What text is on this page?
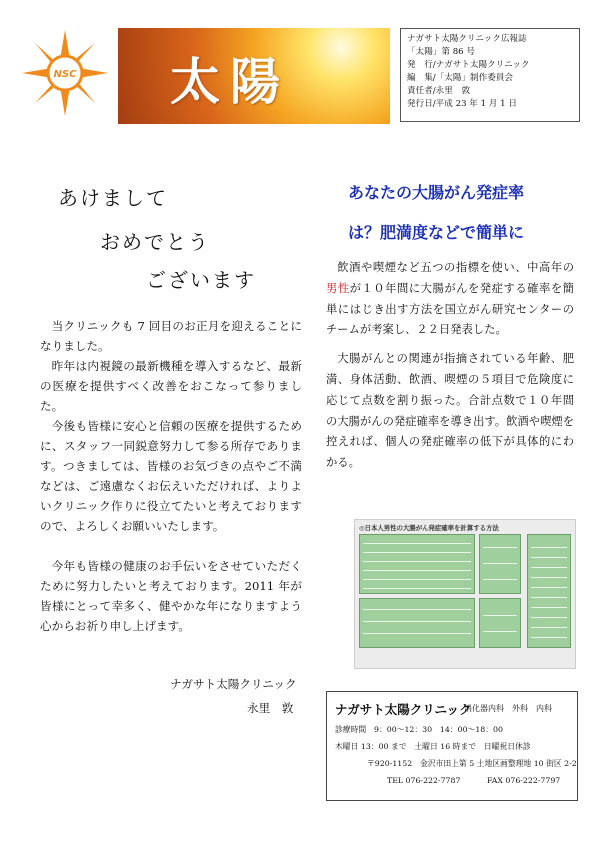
NSC 太陽
ナガサト太陽クリニック広報誌
「太陽」第 86 号
発　行/ナガサト太陽クリニック
編　集/「太陽」制作委員会
責任者/永里　敦
発行日/平成 23 年 1 月 1 日
あけまして
おめでとう
ございます

当クリニックも 7 回目のお正月を迎えることになりました。

昨年は内視鏡の最新機種を導入するなど、最新の医療を提供すべく改善をおこなって参りました。

今後も皆様に安心と信頼の医療を提供するために、スタッフ一同鋭意努力して参る所存であります。つきましては、皆様のお気づきの点やご不満などは、ご遠慮なくお伝えいただければ、よりよいクリニック作りに役立てたいと考えておりますので、よろしくお願いいたします。

今年も皆様の健康のお手伝いをさせていただくために努力したいと考えております。2011 年が皆様にとって幸多く、健やかな年になりますよう心からお祈り申し上げます。

ナガサト太陽クリニック
永里　敦
あなたの大腸がん発症率
は？肥満度などで簡単に

飲酒や喫煙など五つの指標を使い、中高年の男性が１０年間に大腸がんを発症する確率を簡単にはじき出す方法を国立がん研究センターのチームが考案し、２２日発表した。

大腸がんとの関連が指摘されている年齢、肥満、身体活動、飲酒、喫煙の５項目で危険度に応じて点数を割り振った。合計点数で１０年間の大腸がんの発症確率を導き出す。飲酒や喫煙を控えれば、個人の発症確率の低下が具体的にわかる。

◎日本人男性の大腸がん発症確率を計算する方法
ナガサト太陽クリニック
消化器内科　外科　内科
診療時間　9：00〜12：30　14：00〜18：00
木曜日 13：00 まで　土曜日 16 時まで　日曜祝日休診
〒920-1152　金沢市田上第 5 土地区画整理地 10 街区 2-2
TEL 076-222-7787	FAX 076-222-7797
